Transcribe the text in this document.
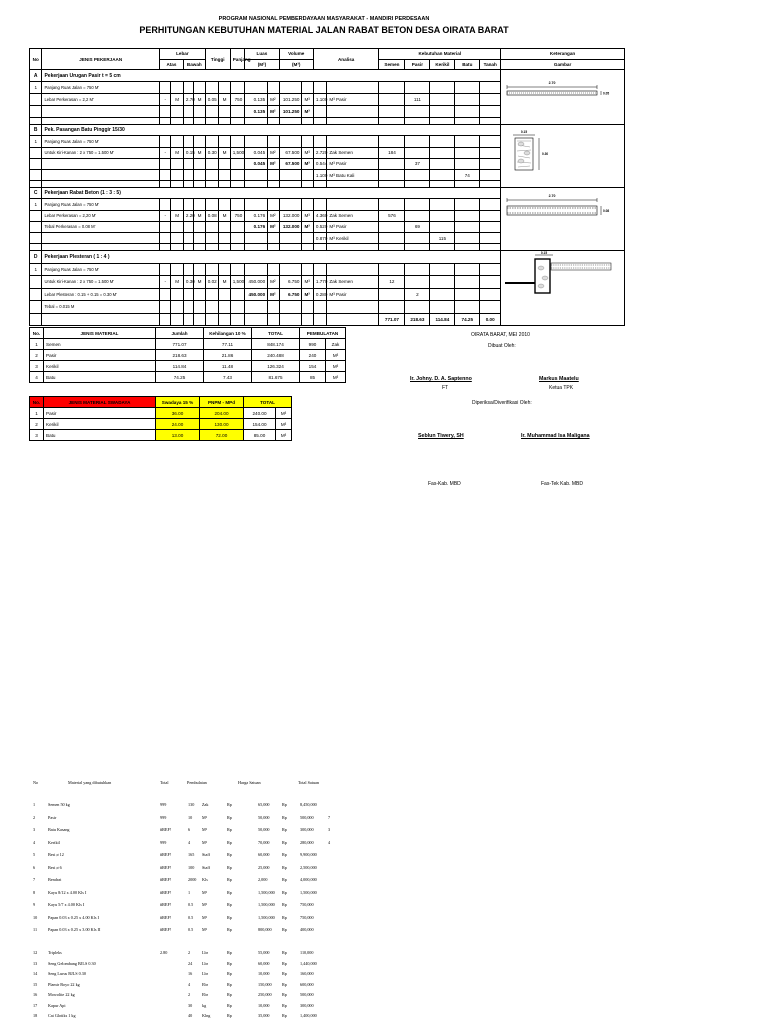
PROGRAM NASIONAL PEMBERDAYAAN MASYARAKAT - MANDIRI PERDESAAN
PERHITUNGAN KEBUTUHAN MATERIAL JALAN RABAT BETON DESA OIRATA BARAT
No	JENIS PEKERJAAN	Lebar				Tinggi		Panjang	Luas		Volume		Analisa		Kebutuhan Material					Keterangan
		Atas		Bawah					(M²)		(M³)				Semen	Pasir	Kerikil	Batu	Tanah	Gambar
A	Pekerjaan Urugan Pasir t = 5 cm																			2.70
0.05

1	Panjang Ruas Jalan = 750 M'																			
	Lebar Perkerasan = 2,2 M'	-	M	2.70	M	0.05	M	750	0.135	M²	101.250	M³	1.100	M³ Pasir		111				
									0.135	M²	101.250	M³								

B	Pek. Pasangan Batu Pinggir 15/30																			0.15
0.30

1	Panjang Ruas Jalan = 750 M'																			
	Untuk Kiri-Kanan : 2 x 750 = 1.500 M'	-	M	0.15	M	0.30	M	1,500	0.045	M²	67.500	M³	2.720	Zak Semen	184					
									0.045	M²	67.500	M³	0.544	M³ Pasir		37				
													1.100	M³ Batu Kali				74		

C	Pekerjaan Rabat Beton (1 : 3 : 5)																			2.70
0.08

1	Panjang Ruas Jalan = 750 M'																			
	Lebar Perkerasan = 2,20 M'	-	M	2.20	M	0.08	M	750	0.176	M²	132.000	M³	4.360	Zak Semen	576					
	Tebal Perkerasan = 0.08 M'								0.176	M²	132.000	M³	0.520	M³ Pasir		69				
													0.870	M³ Kerikil			115			

D	Pekerjaan Plesteran ( 1 : 4 )																			0.15

1	Panjang Ruas Jalan = 750 M'																			
	Untuk Kiri-Kanan : 2 x 750 = 1.500 M'	-	M	0.30	M	0.02	M	1,500	450.000	M²	6.750	M³	1.770	Zak Semen	12					
	Lebar Plesteran : 0.15 + 0.15 = 0.30 M'								450.000	M²	6.750	M³	0.280	M³ Pasir		2				
	Tebal = 0.015 M																			
															771.07	218.63	114.84	74.25	0.00	
No.	JENIS MATERIAL	Jumlah	Kehilangan 10 %	TOTAL	PEMBULATAN	
1	Semen	771.07	77.11	848.174	990	Zak
2	Pasir	218.63	21.86	240.488	240	M³
3	Kerikil	114.84	11.48	126.324	154	M³
4	Batu	74.25	7.43	81.675	85	M³
No.	JENIS MATERIAL SWADAYA	Swadaya 15 %	PNPM - MPd	TOTAL	
1	Pasir	36.00	204.00	240.00	M³
2	Kerikil	24.00	130.00	154.00	M³
3	Batu	13.00	72.00	85.00	M³
OIRATA BARAT, MEI 2010
Dibuat Oleh:
Ir. Johny. D. A. Saptenno
FT
Markus Maatelu
Ketua TPK
Diperiksa/Diverifikasi Oleh:
Seblun Tiwery, SH	Ir. Muhammad Isa Maligana
Fas-Kab. MBD	Fas-Tek Kab. MBD
No	Material yang dibutuhkan	Total	Pembulatan	Harga Satuan	Total Satuan
1	Semen 50 kg	999	130 Zak	Rp	65,000	Rp	8,450,000
2	Pasir	999	10 M³	Rp	50,000	Rp	500,000	7
3	Batu Kasang	#REF!	6	M³	Rp	50,000	Rp	300,000	3
4	Kerikil	999	4	M³	Rp	70,000	Rp	280,000	4
5	Besi ø 12	#REF!	165 Staff	Rp	60,000	Rp	9,900,000
6	Besi ø 6	#REF!	100 Staff	Rp	25,000	Rp	2,500,000
7	Bendrat	#REF!	2000 Kls	Rp	2,000	Rp	4,000,000
8	Kayu 8/12 x 4.00 Kls I	#REF!	1	M³	Rp	1,500,000 Rp	1,500,000
9	Kayu 5/7 x 4.00 Kls I	#REF!	0.5 M³	Rp	1,500,000 Rp	750,000
10	Papan 0.03 x 0.25 x 4.00 Kls I	#REF!	0.5 M³	Rp	1,500,000 Rp	750,000
11	Papan 0.03 x 0.25 x 3.00 Kls II	#REF!	0.5 M³	Rp	800,000 Rp	400,000
12	Tripleks	2.80	2	Lbr	Rp	55,000	Rp	110,000
13	Seng Gelombang BJLS 0.30	24 Lbr	Rp	60,000	Rp	1,440,000
14	Seng Lurus BJLS 0.30	16 Lbr	Rp	10,000	Rp	160,000
15	Plamir Boyo 22 kg	4	Ebr	Rp	150,000 Rp	600,000
16	Mowolite 22 kg	2	Ebr	Rp	250,000 Rp	500,000
17	Kapur Api	30 kg	Rp	10,000	Rp	300,000
18	Cat Glotiks 1 kg	40 Klng	Rp	35,000	Rp	1,400,000
